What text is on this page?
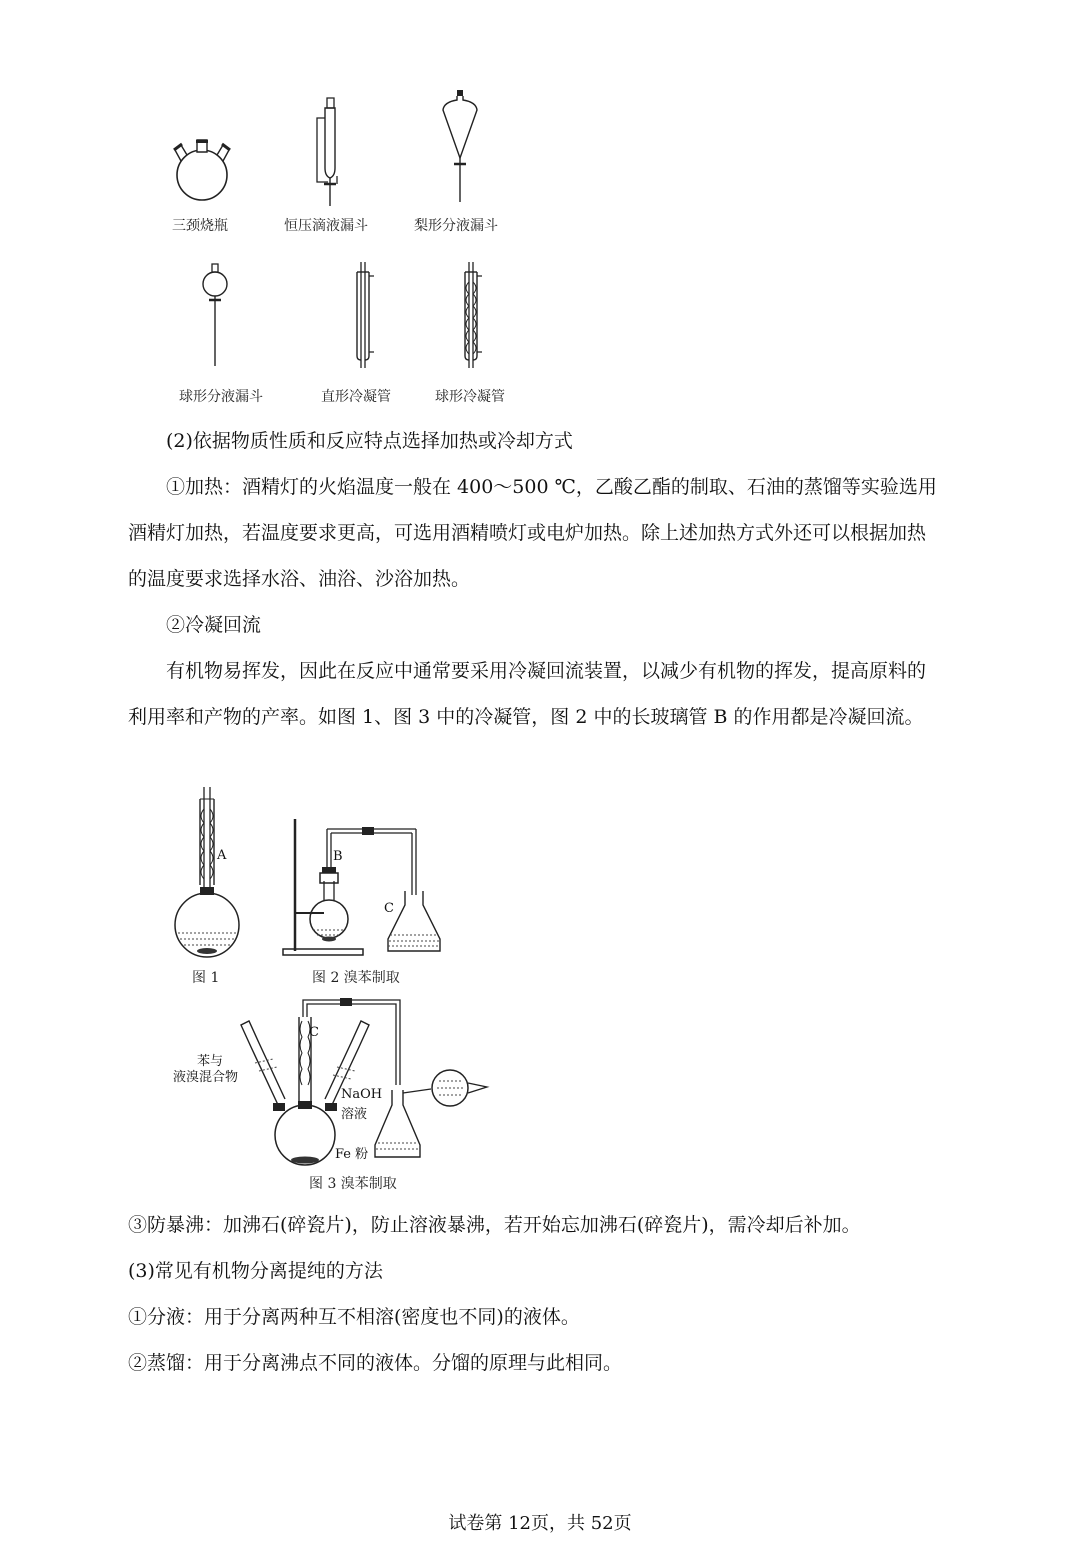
三颈烧瓶	恒压滴液漏斗	梨形分液漏斗
球形分液漏斗	直形冷凝管	球形冷凝管

(2)依据物质性质和反应特点选择加热或冷却方式

①加热：酒精灯的火焰温度一般在 400～500 ℃，乙酸乙酯的制取、石油的蒸馏等实验选用酒精灯加热，若温度要求更高，可选用酒精喷灯或电炉加热。除上述加热方式外还可以根据加热的温度要求选择水浴、油浴、沙浴加热。

②冷凝回流

有机物易挥发，因此在反应中通常要采用冷凝回流装置，以减少有机物的挥发，提高原料的利用率和产物的产率。如图 1、图 3 中的冷凝管，图 2 中的长玻璃管 B 的作用都是冷凝回流。

A
图 1
B
C
图 2 溴苯制取
C
苯与
液溴混合物
NaOH
溶液
Fe 粉
图 3 溴苯制取

③防暴沸：加沸石(碎瓷片)，防止溶液暴沸，若开始忘加沸石(碎瓷片)，需冷却后补加。

(3)常见有机物分离提纯的方法

①分液：用于分离两种互不相溶(密度也不同)的液体。

②蒸馏：用于分离沸点不同的液体。分馏的原理与此相同。

试卷第 12页，共 52页
